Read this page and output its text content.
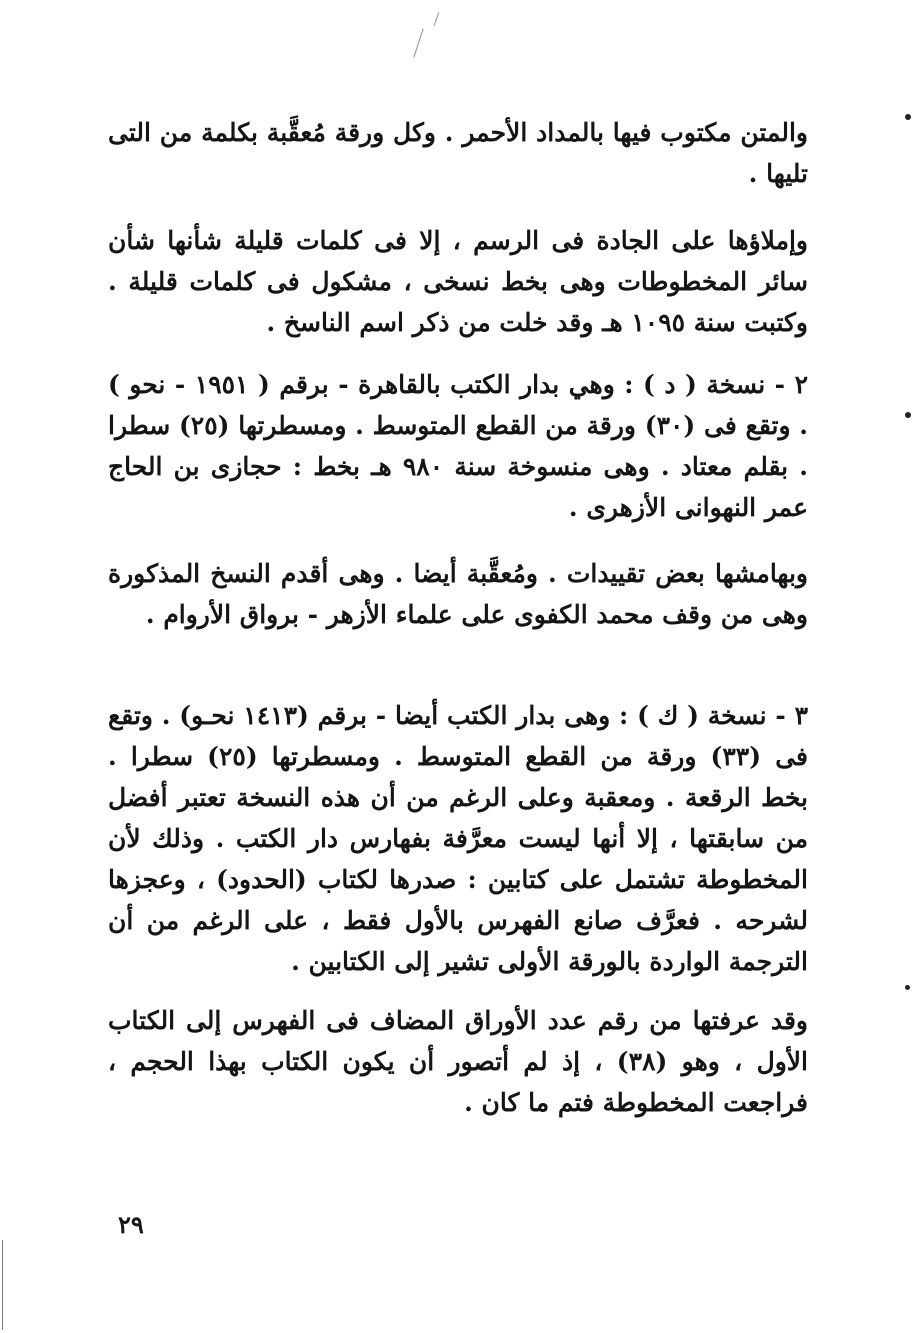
والمتن مكتوب فيها بالمداد الأحمر . وكل ورقة مُعقَّبة بكلمة من التى تليها .

وإملاؤها على الجادة فى الرسم ، إلا فى كلمات قليلة شأنها شأن سائر المخطوطات وهى بخط نسخى ، مشكول فى كلمات قليلة . وكتبت سنة ١٠٩٥ هـ وقد خلت من ذكر اسم الناسخ .

٢ - نسخة ( د ) : وهي بدار الكتب بالقاهرة - برقم ( ١٩٥١ - نحو ) . وتقع فى (٣٠) ورقة من القطع المتوسط . ومسطرتها (٢٥) سطرا . بقلم معتاد . وهى منسوخة سنة ٩٨٠ هـ بخط : حجازى بن الحاج عمر النهوانى الأزهرى .

وبهامشها بعض تقييدات . ومُعقَّبة أيضا . وهى أقدم النسخ المذكورة وهى من وقف محمد الكفوى على علماء الأزهر - برواق الأروام .

٣ - نسخة ( ك ) : وهى بدار الكتب أيضا - برقم (١٤١٣ نحـو) . وتقع فى (٣٣) ورقة من القطع المتوسط . ومسطرتها (٢٥) سطرا . بخط الرقعة . ومعقبة وعلى الرغم من أن هذه النسخة تعتبر أفضل من سابقتها ، إلا أنها ليست معرَّفة بفهارس دار الكتب . وذلك لأن المخطوطة تشتمل على كتابين : صدرها لكتاب (الحدود) ، وعجزها لشرحه . فعرَّف صانع الفهرس بالأول فقط ، على الرغم من أن الترجمة الواردة بالورقة الأولى تشير إلى الكتابين .

وقد عرفتها من رقم عدد الأوراق المضاف فى الفهرس إلى الكتاب الأول ، وهو (٣٨) ، إذ لم أتصور أن يكون الكتاب بهذا الحجم ، فراجعت المخطوطة فتم ما كان .

٢٩
